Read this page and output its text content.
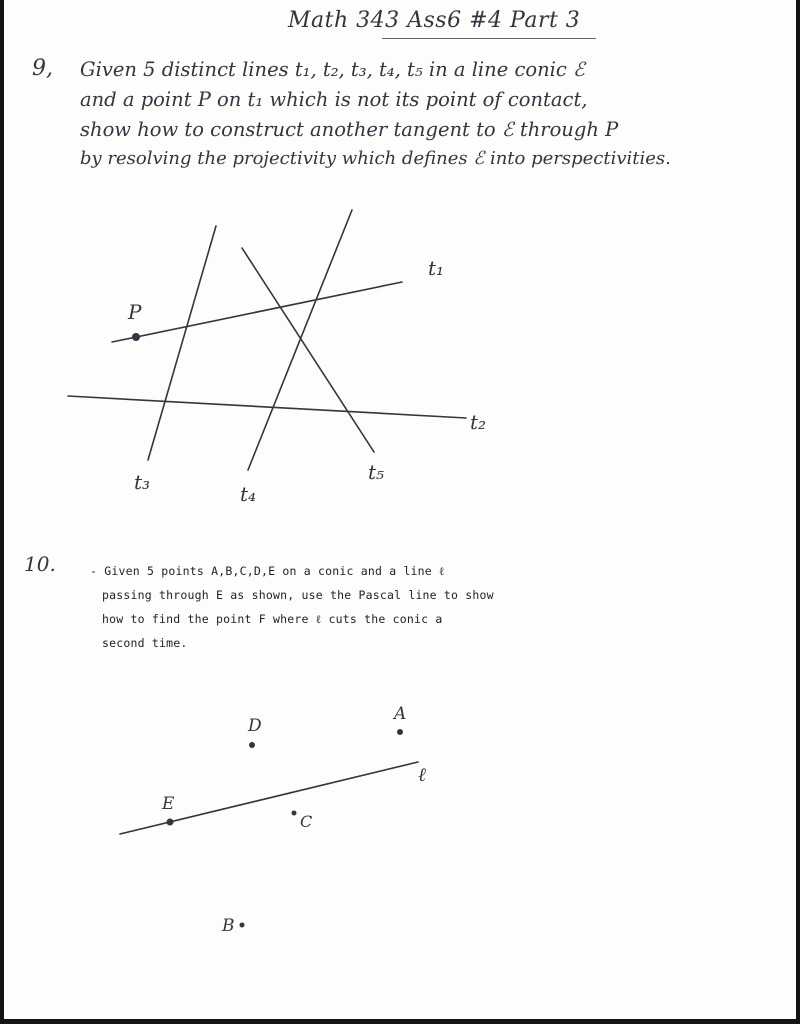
Math 343 Ass6 #4 Part 3
9, Given 5 distinct lines t₁, t₂, t₃, t₄, t₅ in a line conic ℰ
and a point P on t₁ which is not its point of contact,
show how to construct another tangent to ℰ through P
by resolving the projectivity which defines ℰ into perspectivities.
P
t₁
t₂
t₃	t₄
t₅
10.	- Given 5 points A,B,C,D,E on a conic and a line ℓ
passing through E as shown, use the Pascal line to show
how to find the point F where ℓ cuts the conic a
second time.
A
D
C
E
B
ℓ
